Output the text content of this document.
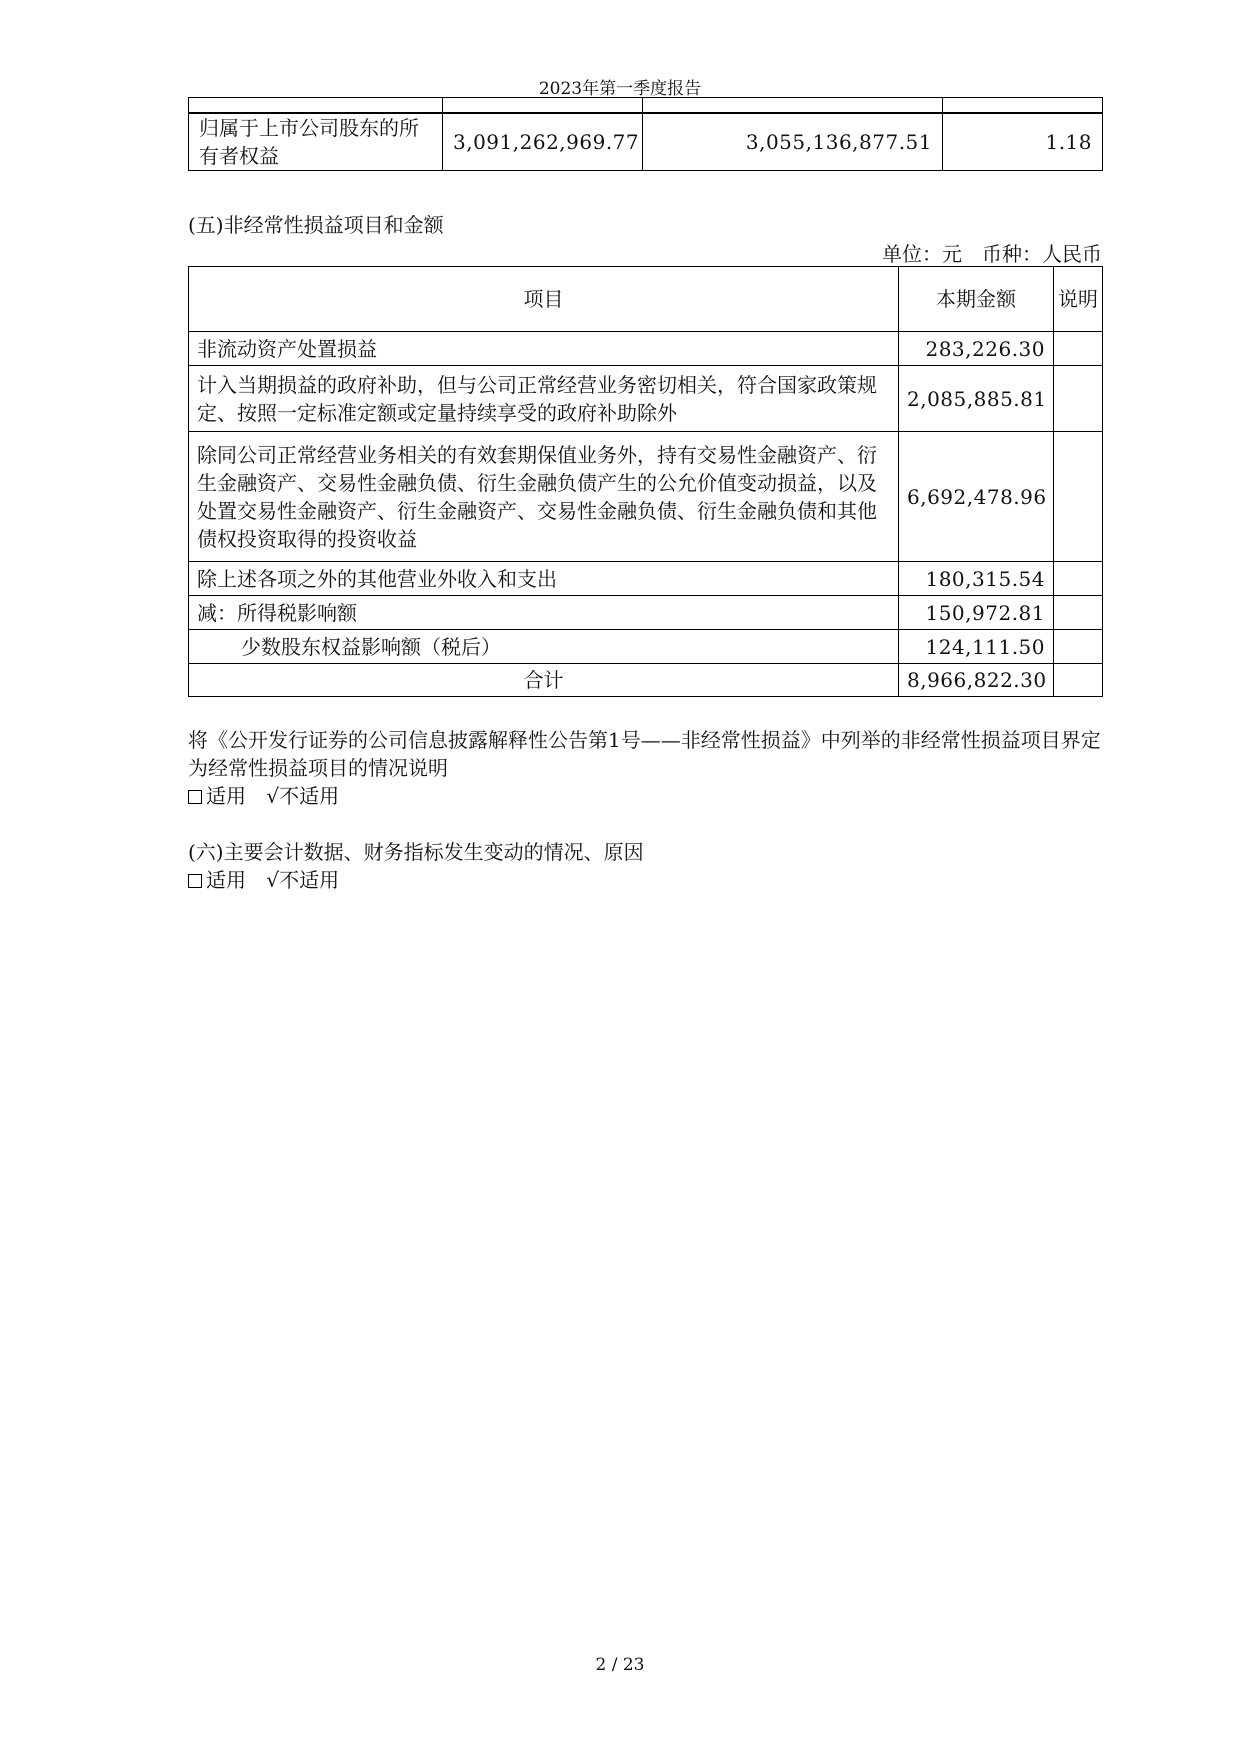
2023年第一季度报告

归属于上市公司股东的所有者权益	3,091,262,969.77	3,055,136,877.51	1.18
(五)非经常性损益项目和金额
单位：元　币种：人民币
项目	本期金额	说明
非流动资产处置损益	283,226.30	
计入当期损益的政府补助，但与公司正常经营业务密切相关，符合国家政策规定、按照一定标准定额或定量持续享受的政府补助除外	2,085,885.81	
除同公司正常经营业务相关的有效套期保值业务外，持有交易性金融资产、衍生金融资产、交易性金融负债、衍生金融负债产生的公允价值变动损益，以及处置交易性金融资产、衍生金融资产、交易性金融负债、衍生金融负债和其他债权投资取得的投资收益	6,692,478.96	
除上述各项之外的其他营业外收入和支出	180,315.54	
减：所得税影响额	150,972.81	
少数股东权益影响额（税后）	124,111.50	
合计	8,966,822.30	
将《公开发行证券的公司信息披露解释性公告第1号——非经常性损益》中列举的非经常性损益项目界定为经常性损益项目的情况说明
适用 √不适用
(六)主要会计数据、财务指标发生变动的情况、原因
适用 √不适用
2 / 23
